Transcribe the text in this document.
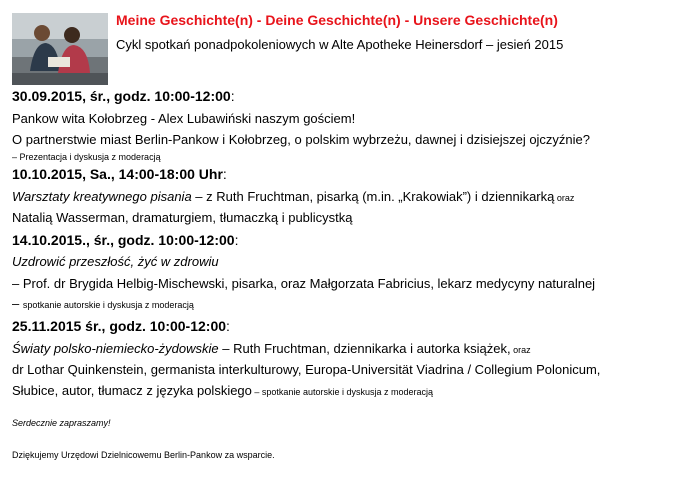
Meine Geschichte(n) - Deine Geschichte(n) - Unsere Geschichte(n)
Cykl spotkań ponadpokoleniowych w Alte Apotheke Heinersdorf – jesień 2015
30.09.2015, śr., godz. 10:00-12:00:
Pankow wita Kołobrzeg - Alex Lubawiński naszym gościem!
O partnerstwie miast Berlin-Pankow i Kołobrzeg, o polskim wybrzeżu, dawnej i dzisiejszej ojczyźnie?
– Prezentacja i dyskusja z moderacją
10.10.2015, Sa., 14:00-18:00 Uhr:
Warsztaty kreatywnego pisania – z Ruth Fruchtman, pisarką (m.in. „Krakowiak”) i dziennikarką oraz
Natalią Wasserman, dramaturgiem, tłumaczką i publicystką
14.10.2015., śr., godz. 10:00-12:00:
Uzdrowić przeszłość, żyć w zdrowiu
– Prof. dr Brygida Helbig-Mischewski, pisarka, oraz Małgorzata Fabricius, lekarz medycyny naturalnej
– spotkanie autorskie i dyskusja z moderacją
25.11.2015 śr., godz. 10:00-12:00:
Światy polsko-niemiecko-żydowskie – Ruth Fruchtman, dziennikarka i autorka książek, oraz
dr Lothar Quinkenstein, germanista interkulturowy, Europa-Universität Viadrina / Collegium Polonicum,
Słubice, autor, tłumacz z języka polskiego – spotkanie autorskie i dyskusja z moderacją
Serdecznie zapraszamy!
Dziękujemy Urzędowi Dzielnicowemu Berlin-Pankow za wsparcie.
